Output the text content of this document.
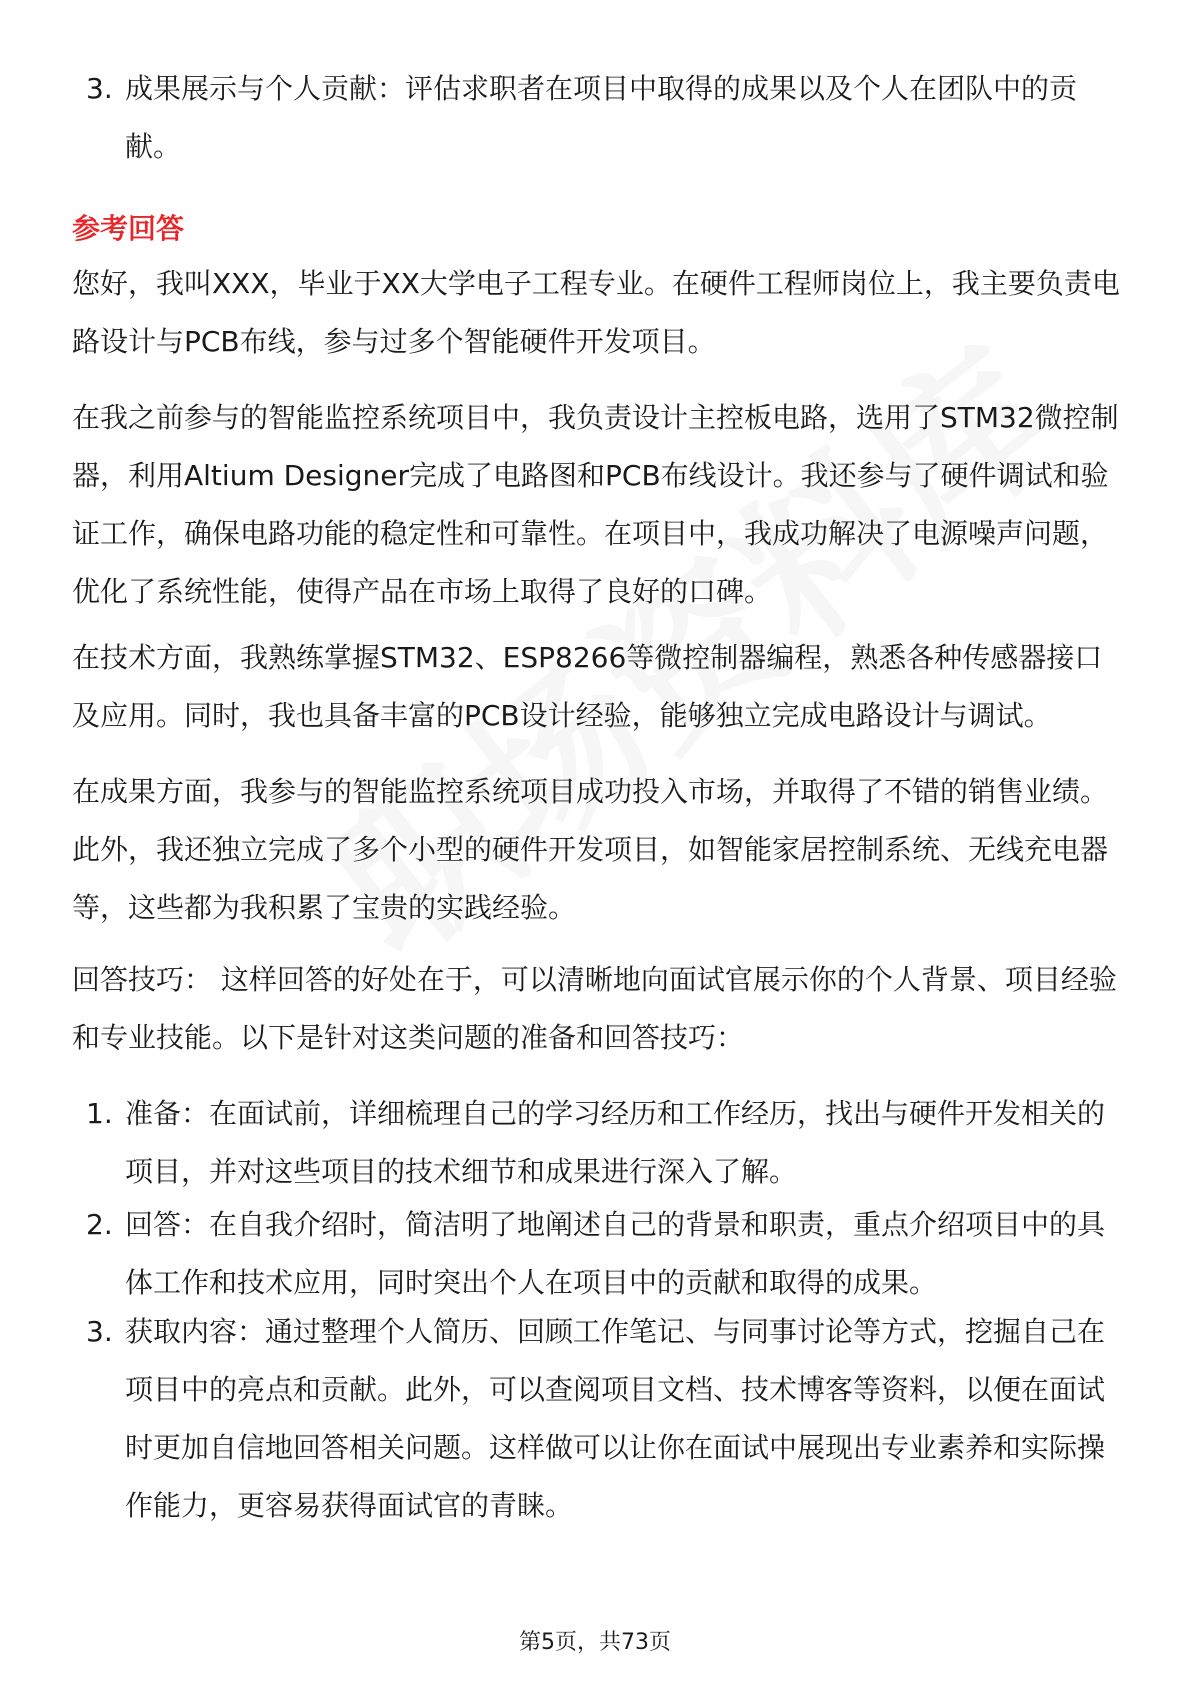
3. 成果展示与个人贡献：评估求职者在项目中取得的成果以及个人在团队中的贡献。
参考回答
您好，我叫XXX，毕业于XX大学电子工程专业。在硬件工程师岗位上，我主要负责电路设计与PCB布线，参与过多个智能硬件开发项目。
在我之前参与的智能监控系统项目中，我负责设计主控板电路，选用了STM32微控制器，利用Altium Designer完成了电路图和PCB布线设计。我还参与了硬件调试和验证工作，确保电路功能的稳定性和可靠性。在项目中，我成功解决了电源噪声问题，优化了系统性能，使得产品在市场上取得了良好的口碑。
在技术方面，我熟练掌握STM32、ESP8266等微控制器编程，熟悉各种传感器接口及应用。同时，我也具备丰富的PCB设计经验，能够独立完成电路设计与调试。
在成果方面，我参与的智能监控系统项目成功投入市场，并取得了不错的销售业绩。此外，我还独立完成了多个小型的硬件开发项目，如智能家居控制系统、无线充电器等，这些都为我积累了宝贵的实践经验。
回答技巧： 这样回答的好处在于，可以清晰地向面试官展示你的个人背景、项目经验和专业技能。以下是针对这类问题的准备和回答技巧：
1. 准备：在面试前，详细梳理自己的学习经历和工作经历，找出与硬件开发相关的项目，并对这些项目的技术细节和成果进行深入了解。
2. 回答：在自我介绍时，简洁明了地阐述自己的背景和职责，重点介绍项目中的具体工作和技术应用，同时突出个人在项目中的贡献和取得的成果。
3. 获取内容：通过整理个人简历、回顾工作笔记、与同事讨论等方式，挖掘自己在项目中的亮点和贡献。此外，可以查阅项目文档、技术博客等资料，以便在面试时更加自信地回答相关问题。这样做可以让你在面试中展现出专业素养和实际操作能力，更容易获得面试官的青睐。
第5页，共73页
